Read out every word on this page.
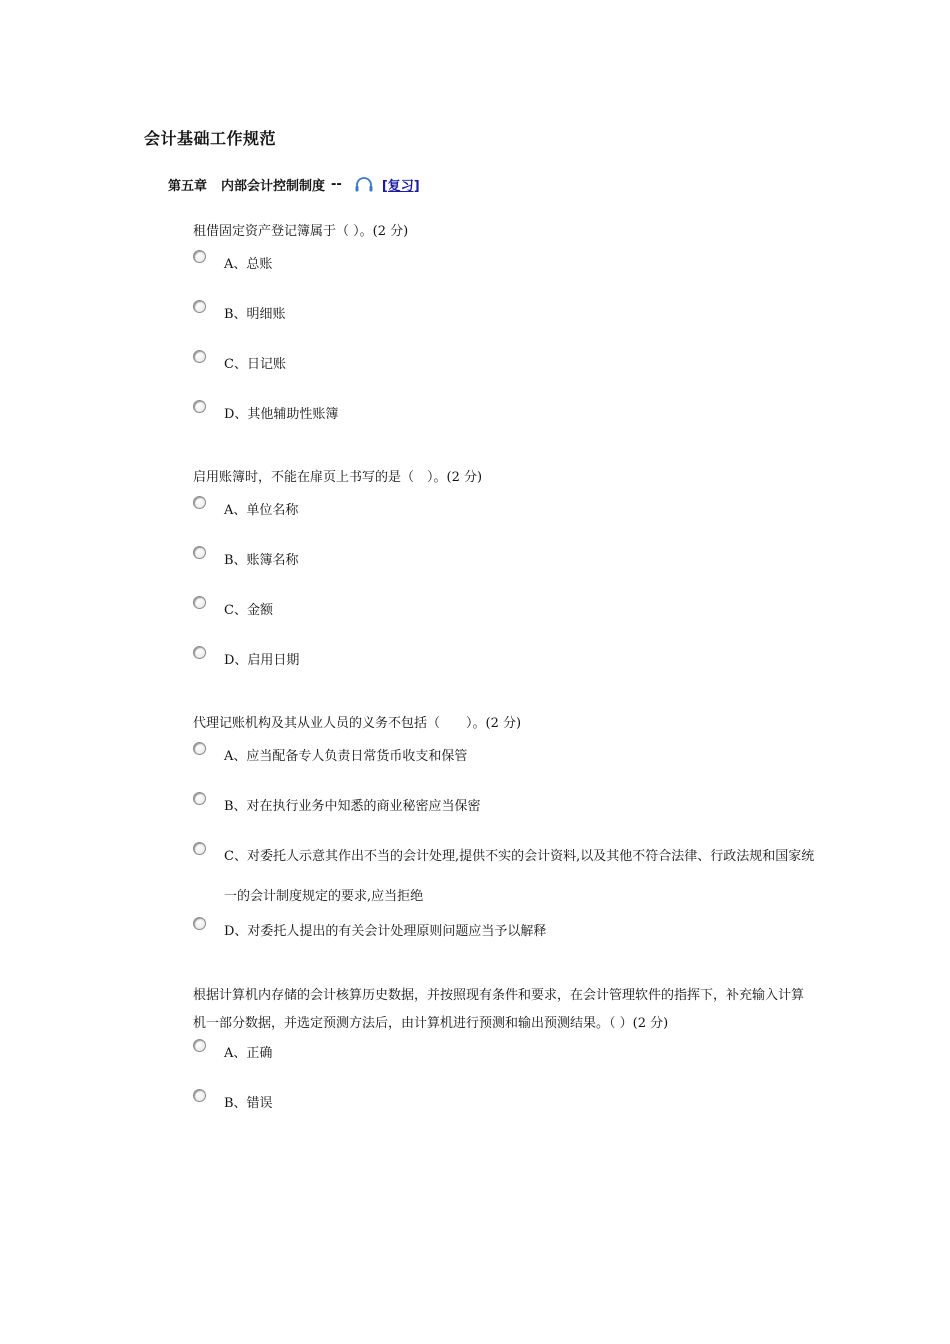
会计基础工作规范
第五章 内部会计控制制度 --	[复习]
租借固定资产登记簿属于（ ）。(2 分)
A、总账
B、明细账
C、日记账
D、其他辅助性账簿
启用账簿时，不能在扉页上书写的是（　）。(2 分)
A、单位名称
B、账簿名称
C、金额
D、启用日期
代理记账机构及其从业人员的义务不包括（　　）。(2 分)
A、应当配备专人负责日常货币收支和保管
B、对在执行业务中知悉的商业秘密应当保密
C、对委托人示意其作出不当的会计处理,提供不实的会计资料,以及其他不符合法律、行政法规和国家统一的会计制度规定的要求,应当拒绝
D、对委托人提出的有关会计处理原则问题应当予以解释
根据计算机内存储的会计核算历史数据，并按照现有条件和要求，在会计管理软件的指挥下，补充输入计算机一部分数据，并选定预测方法后，由计算机进行预测和输出预测结果。（ ）(2 分)
A、正确
B、错误
